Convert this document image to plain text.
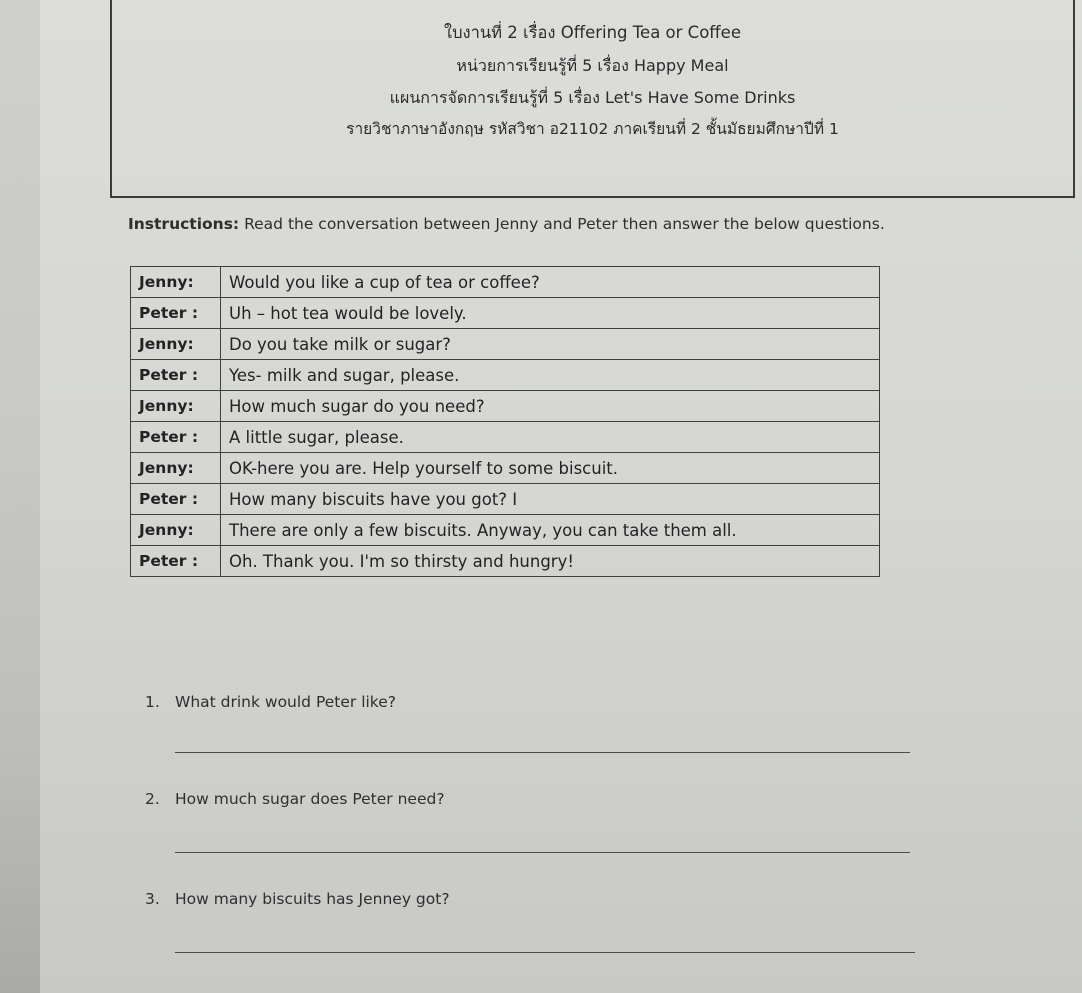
ใบงานที่ 2 เรื่อง Offering Tea or Coffee
หน่วยการเรียนรู้ที่ 5 เรื่อง Happy Meal
แผนการจัดการเรียนรู้ที่ 5 เรื่อง Let's Have Some Drinks
รายวิชาภาษาอังกฤษ รหัสวิชา อ21102 ภาคเรียนที่ 2 ชั้นมัธยมศึกษาปีที่ 1
Instructions: Read the conversation between Jenny and Peter then answer the below questions.
Jenny:	Would you like a cup of tea or coffee?
Peter :	Uh – hot tea would be lovely.
Jenny:	Do you take milk or sugar?
Peter :	Yes- milk and sugar, please.
Jenny:	How much sugar do you need?
Peter :	A little sugar, please.
Jenny:	OK-here you are. Help yourself to some biscuit.
Peter :	How many biscuits have you got? I
Jenny:	There are only a few biscuits. Anyway, you can take them all.
Peter :	Oh. Thank you. I'm so thirsty and hungry!
1. What drink would Peter like?
2. How much sugar does Peter need?
3. How many biscuits has Jenney got?
